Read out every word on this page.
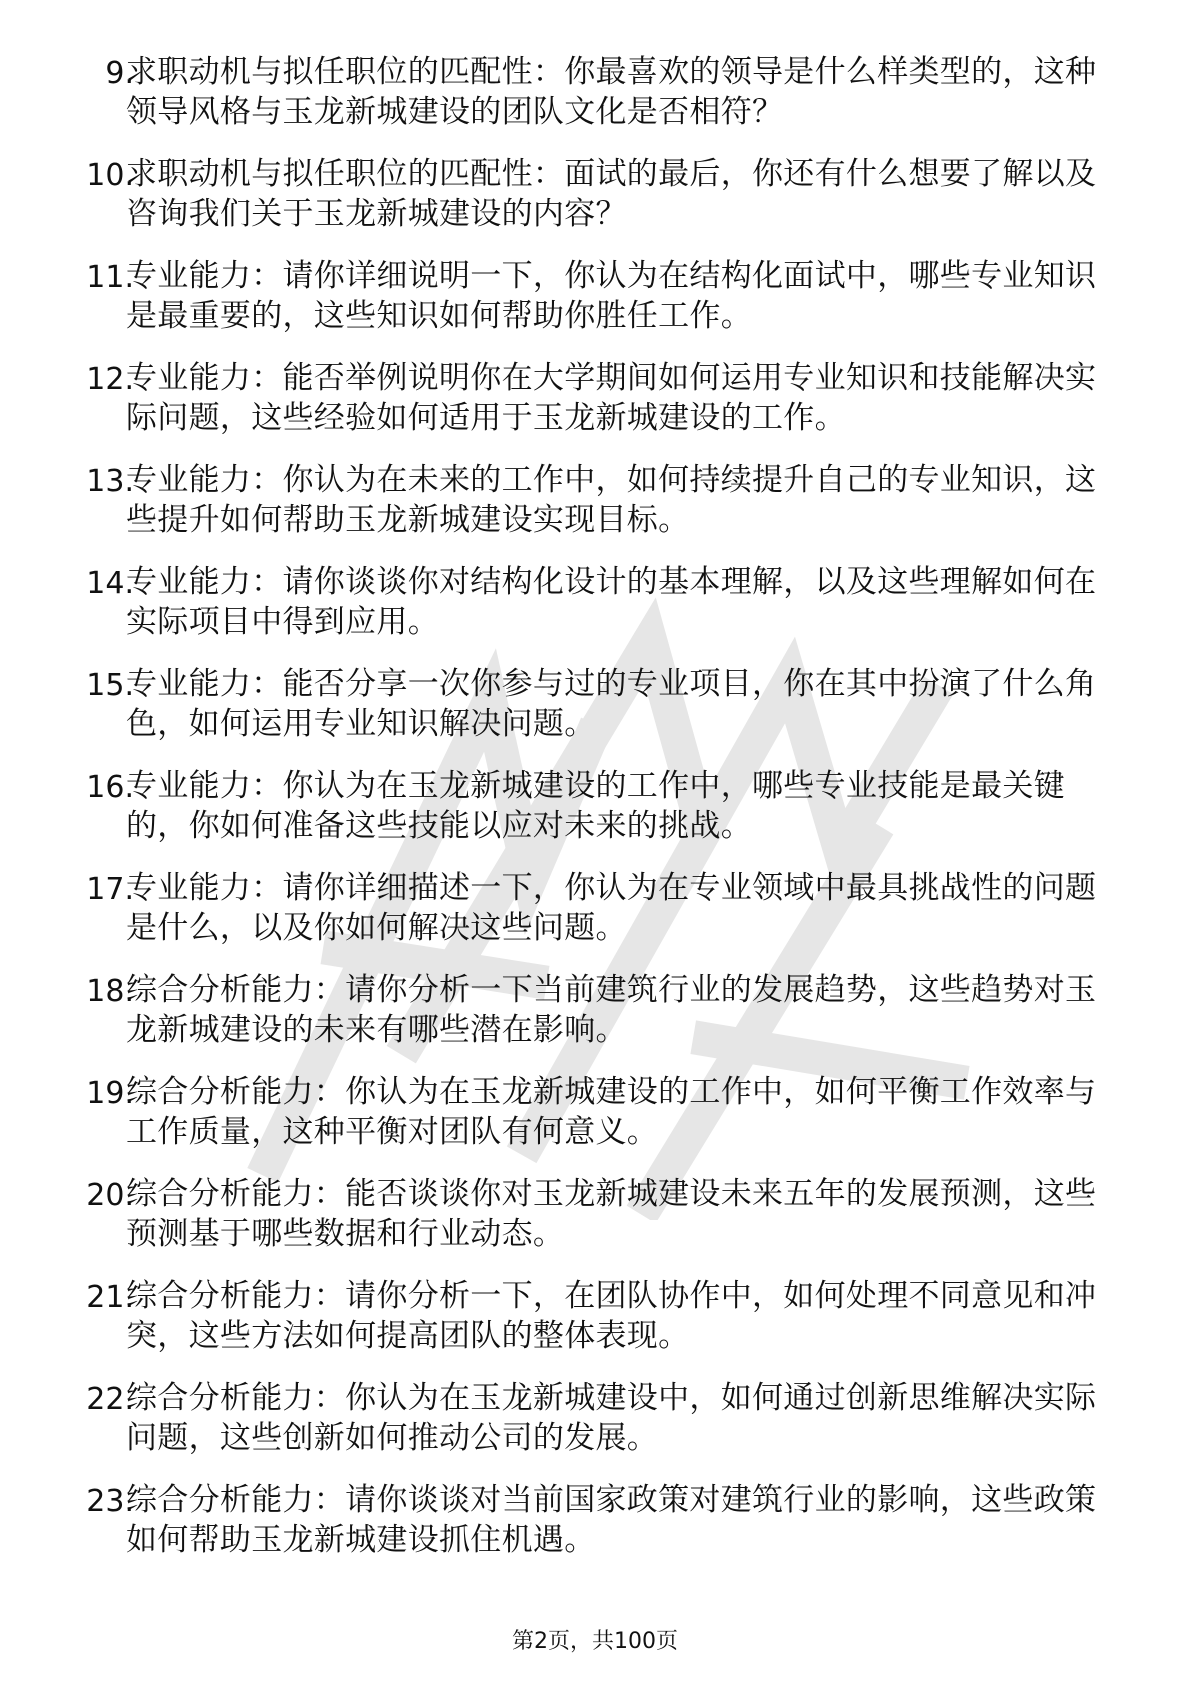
9.
求职动机与拟任职位的匹配性：你最喜欢的领导是什么样类型的，这种领导风格与玉龙新城建设的团队文化是否相符？
10.
求职动机与拟任职位的匹配性：面试的最后，你还有什么想要了解以及咨询我们关于玉龙新城建设的内容？
11.
专业能力：请你详细说明一下，你认为在结构化面试中，哪些专业知识是最重要的，这些知识如何帮助你胜任工作。
12.
专业能力：能否举例说明你在大学期间如何运用专业知识和技能解决实际问题，这些经验如何适用于玉龙新城建设的工作。
13.
专业能力：你认为在未来的工作中，如何持续提升自己的专业知识，这些提升如何帮助玉龙新城建设实现目标。
14.
专业能力：请你谈谈你对结构化设计的基本理解，以及这些理解如何在实际项目中得到应用。
15.
专业能力：能否分享一次你参与过的专业项目，你在其中扮演了什么角色，如何运用专业知识解决问题。
16.
专业能力：你认为在玉龙新城建设的工作中，哪些专业技能是最关键的，你如何准备这些技能以应对未来的挑战。
17.
专业能力：请你详细描述一下，你认为在专业领域中最具挑战性的问题是什么，以及你如何解决这些问题。
18.
综合分析能力：请你分析一下当前建筑行业的发展趋势，这些趋势对玉龙新城建设的未来有哪些潜在影响。
19.
综合分析能力：你认为在玉龙新城建设的工作中，如何平衡工作效率与工作质量，这种平衡对团队有何意义。
20.
综合分析能力：能否谈谈你对玉龙新城建设未来五年的发展预测，这些预测基于哪些数据和行业动态。
21.
综合分析能力：请你分析一下，在团队协作中，如何处理不同意见和冲突，这些方法如何提高团队的整体表现。
22.
综合分析能力：你认为在玉龙新城建设中，如何通过创新思维解决实际问题，这些创新如何推动公司的发展。
23.
综合分析能力：请你谈谈对当前国家政策对建筑行业的影响，这些政策如何帮助玉龙新城建设抓住机遇。
第2页，共100页
